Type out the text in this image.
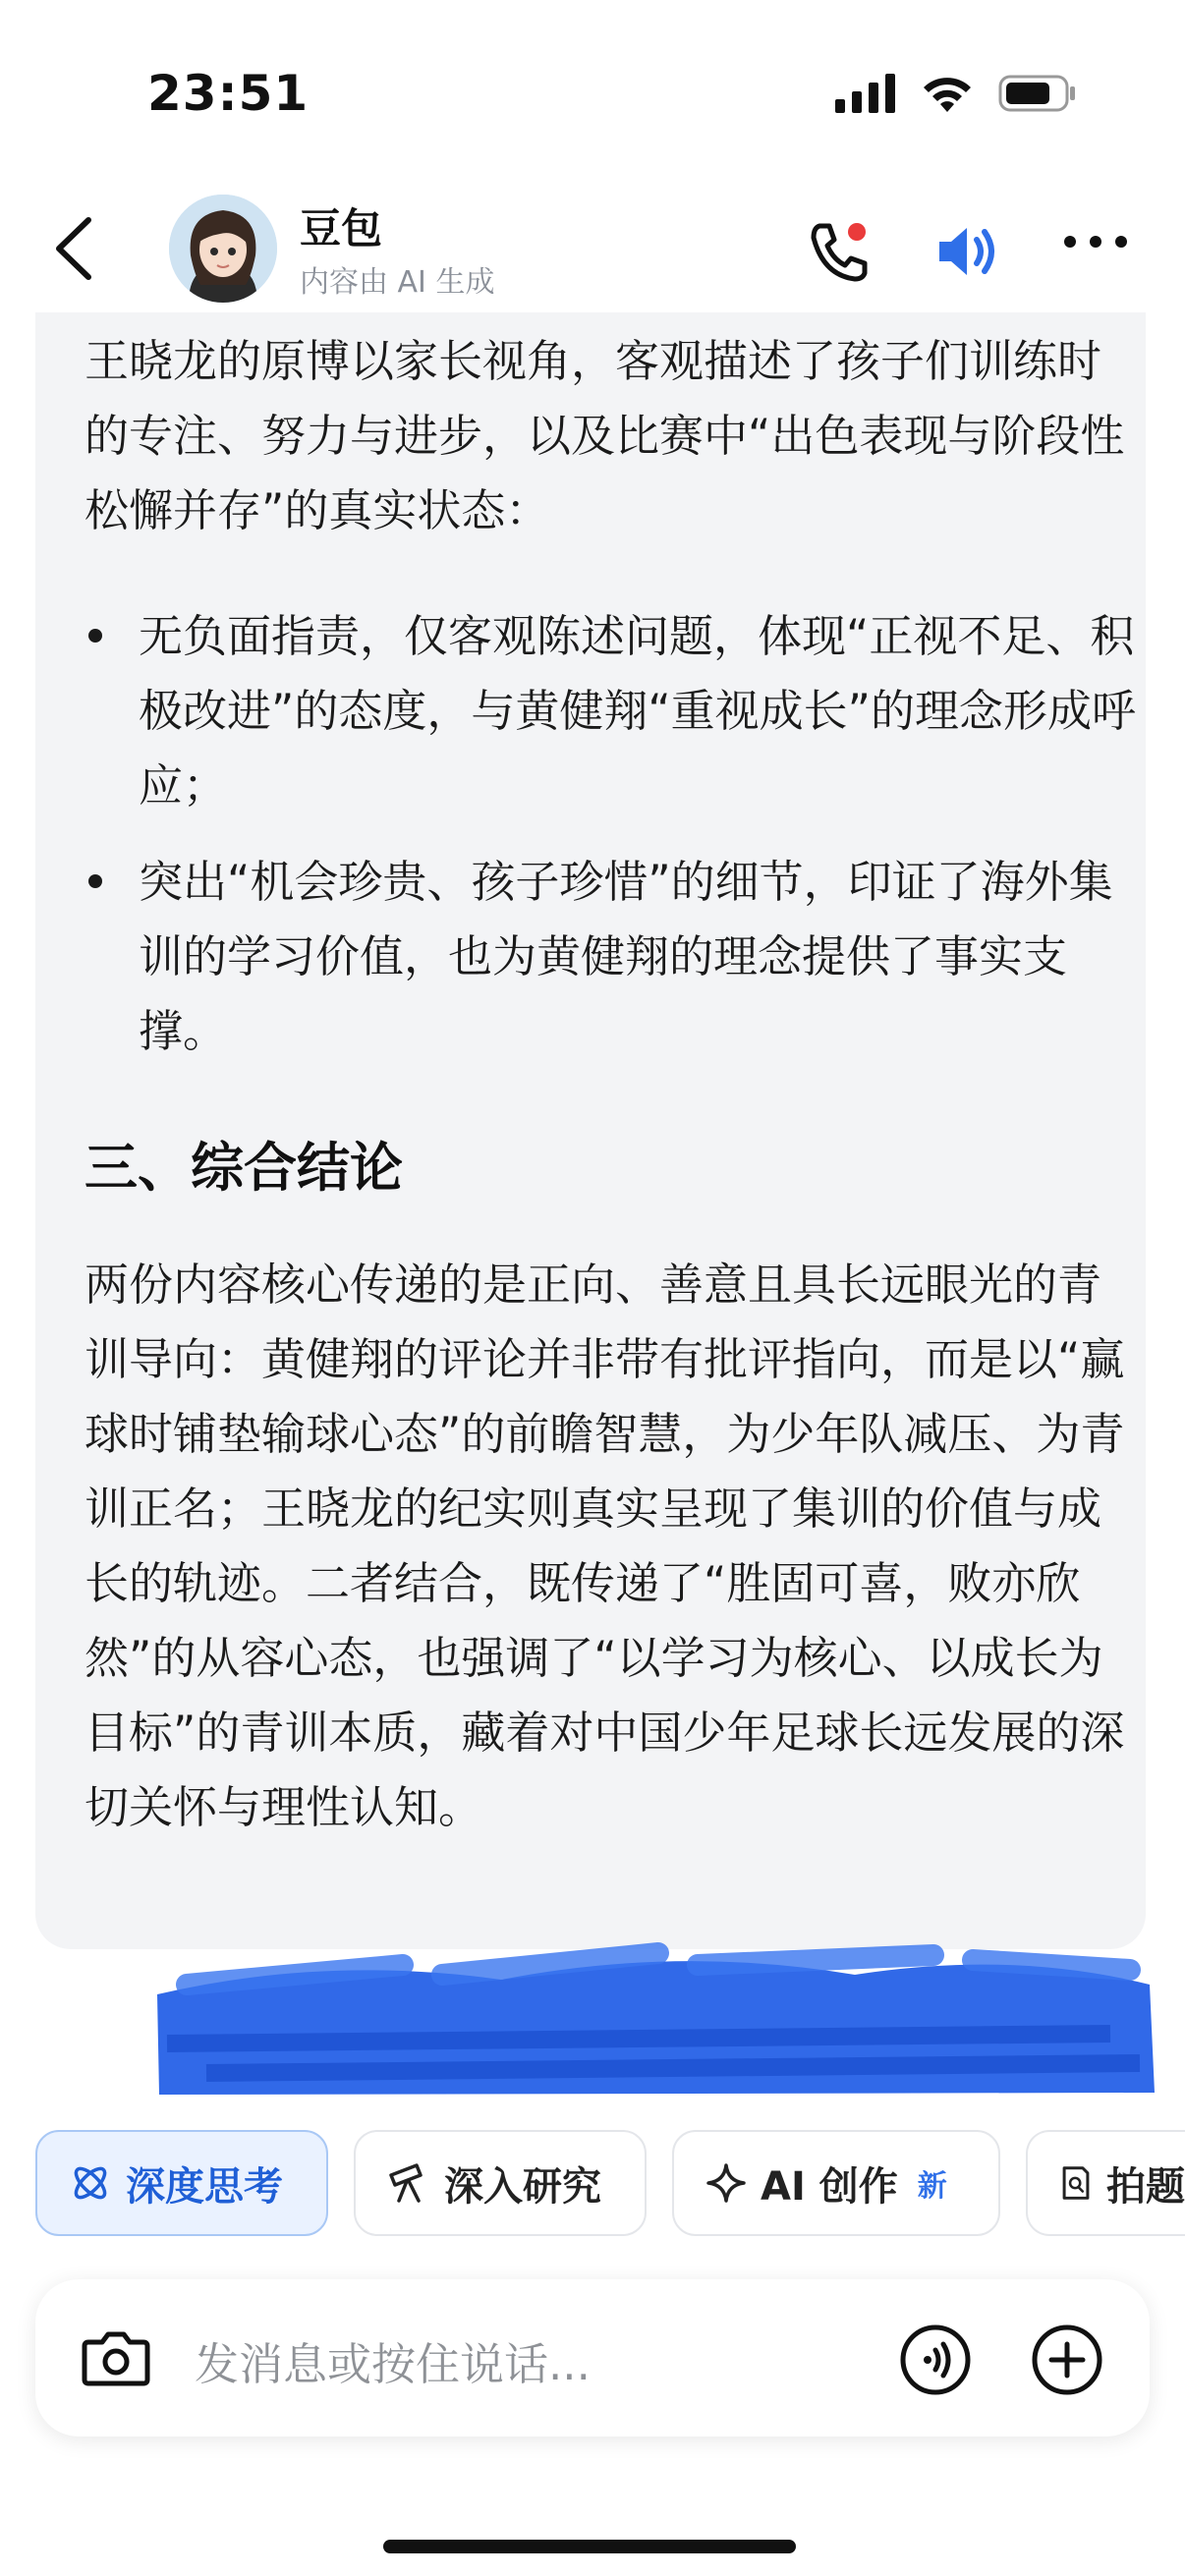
23:51
豆包
内容由 AI 生成

王晓龙的原博以家长视角，客观描述了孩子们训练时的专注、努力与进步，以及比赛中“出色表现与阶段性松懈并存”的真实状态：

无负面指责，仅客观陈述问题，体现“正视不足、积极改进”的态度，与黄健翔“重视成长”的理念形成呼应；

突出“机会珍贵、孩子珍惜”的细节，印证了海外集训的学习价值，也为黄健翔的理念提供了事实支撑。

三、综合结论

两份内容核心传递的是正向、善意且具长远眼光的青训导向：黄健翔的评论并非带有批评指向，而是以“赢球时铺垫输球心态”的前瞻智慧，为少年队减压、为青训正名；王晓龙的纪实则真实呈现了集训的价值与成长的轨迹。二者结合，既传递了“胜固可喜，败亦欣然”的从容心态，也强调了“以学习为核心、以成长为目标”的青训本质，藏着对中国少年足球长远发展的深切关怀与理性认知。

深度思考	深入研究	AI 创作 新	拍题
发消息或按住说话...
